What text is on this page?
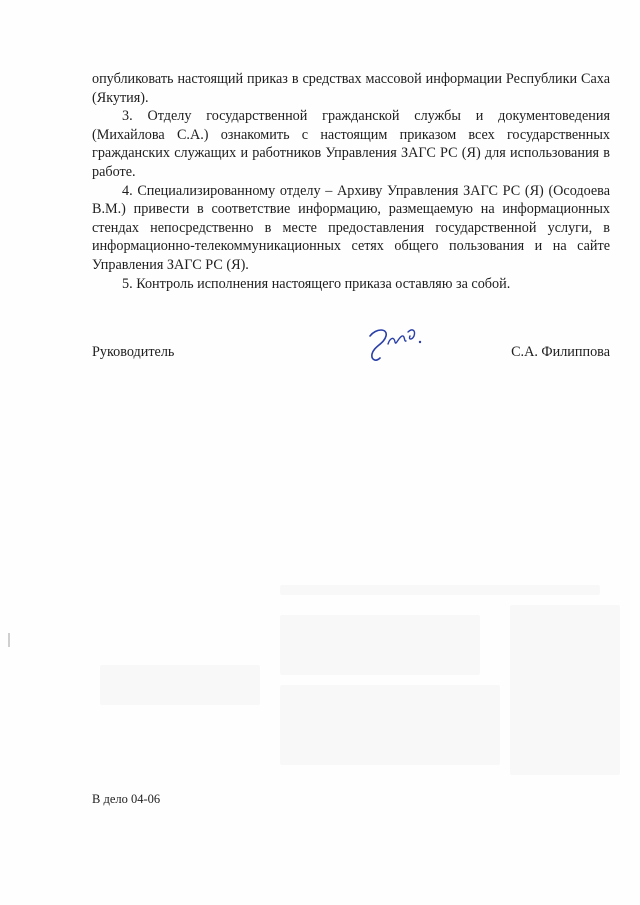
опубликовать настоящий приказ в средствах массовой информации Республики Саха (Якутия).

3. Отделу государственной гражданской службы и документоведения (Михайлова С.А.) ознакомить с настоящим приказом всех государственных гражданских служащих и работников Управления ЗАГС РС (Я) для использования в работе.

4. Специализированному отделу – Архиву Управления ЗАГС РС (Я) (Осодоева В.М.) привести в соответствие информацию, размещаемую на информационных стендах непосредственно в месте предоставления государственной услуги, в информационно-телекоммуникационных сетях общего пользования и на сайте Управления ЗАГС РС (Я).

5. Контроль исполнения настоящего приказа оставляю за собой.

Руководитель	С.А. Филиппова
В дело 04-06
